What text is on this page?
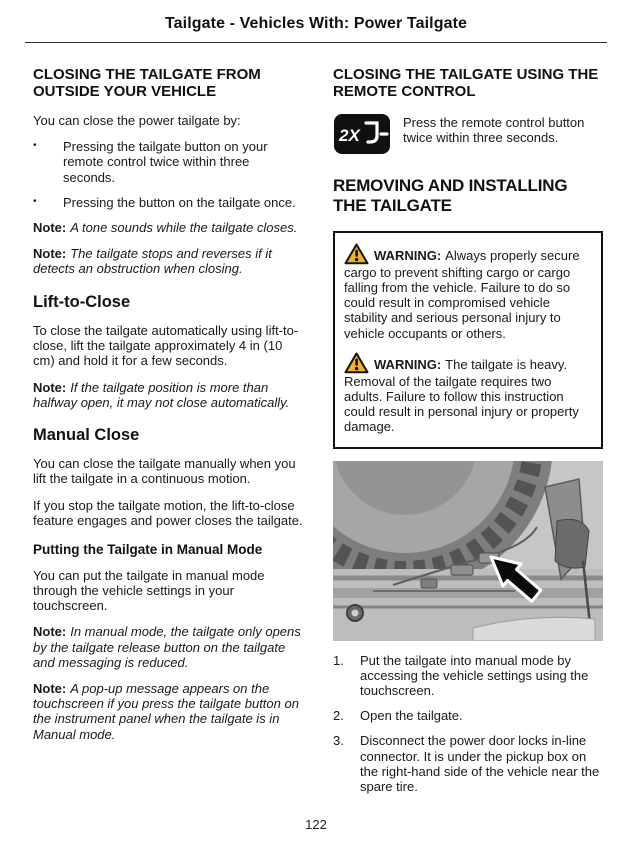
Tailgate - Vehicles With: Power Tailgate
CLOSING THE TAILGATE FROM OUTSIDE YOUR VEHICLE

You can close the power tailgate by:

•	Pressing the tailgate button on your remote control twice within three seconds.
•	Pressing the button on the tailgate once.

Note: A tone sounds while the tailgate closes.

Note: The tailgate stops and reverses if it detects an obstruction when closing.

Lift-to-Close

To close the tailgate automatically using lift-to-close, lift the tailgate approximately 4 in (10 cm) and hold it for a few seconds.

Note: If the tailgate position is more than halfway open, it may not close automatically.

Manual Close

You can close the tailgate manually when you lift the tailgate in a continuous motion.

If you stop the tailgate motion, the lift-to-close feature engages and power closes the tailgate.

Putting the Tailgate in Manual Mode

You can put the tailgate in manual mode through the vehicle settings in your touchscreen.

Note: In manual mode, the tailgate only opens by the tailgate release button on the tailgate and messaging is reduced.

Note: A pop-up message appears on the touchscreen if you press the tailgate button on the instrument panel when the tailgate is in Manual mode.

CLOSING THE TAILGATE USING THE REMOTE CONTROL
2X

Press the remote control button twice within three seconds.

REMOVING AND INSTALLING THE TAILGATE

WARNING: Always properly secure cargo to prevent shifting cargo or cargo falling from the vehicle. Failure to do so could result in compromised vehicle stability and serious personal injury to vehicle occupants or others.

WARNING: The tailgate is heavy. Removal of the tailgate requires two adults. Failure to follow this instruction could result in personal injury or property damage.

1.	Put the tailgate into manual mode by accessing the vehicle settings using the touchscreen.
2.	Open the tailgate.
3.	Disconnect the power door locks in-line connector. It is under the pickup box on the right-hand side of the vehicle near the spare tire.
122
